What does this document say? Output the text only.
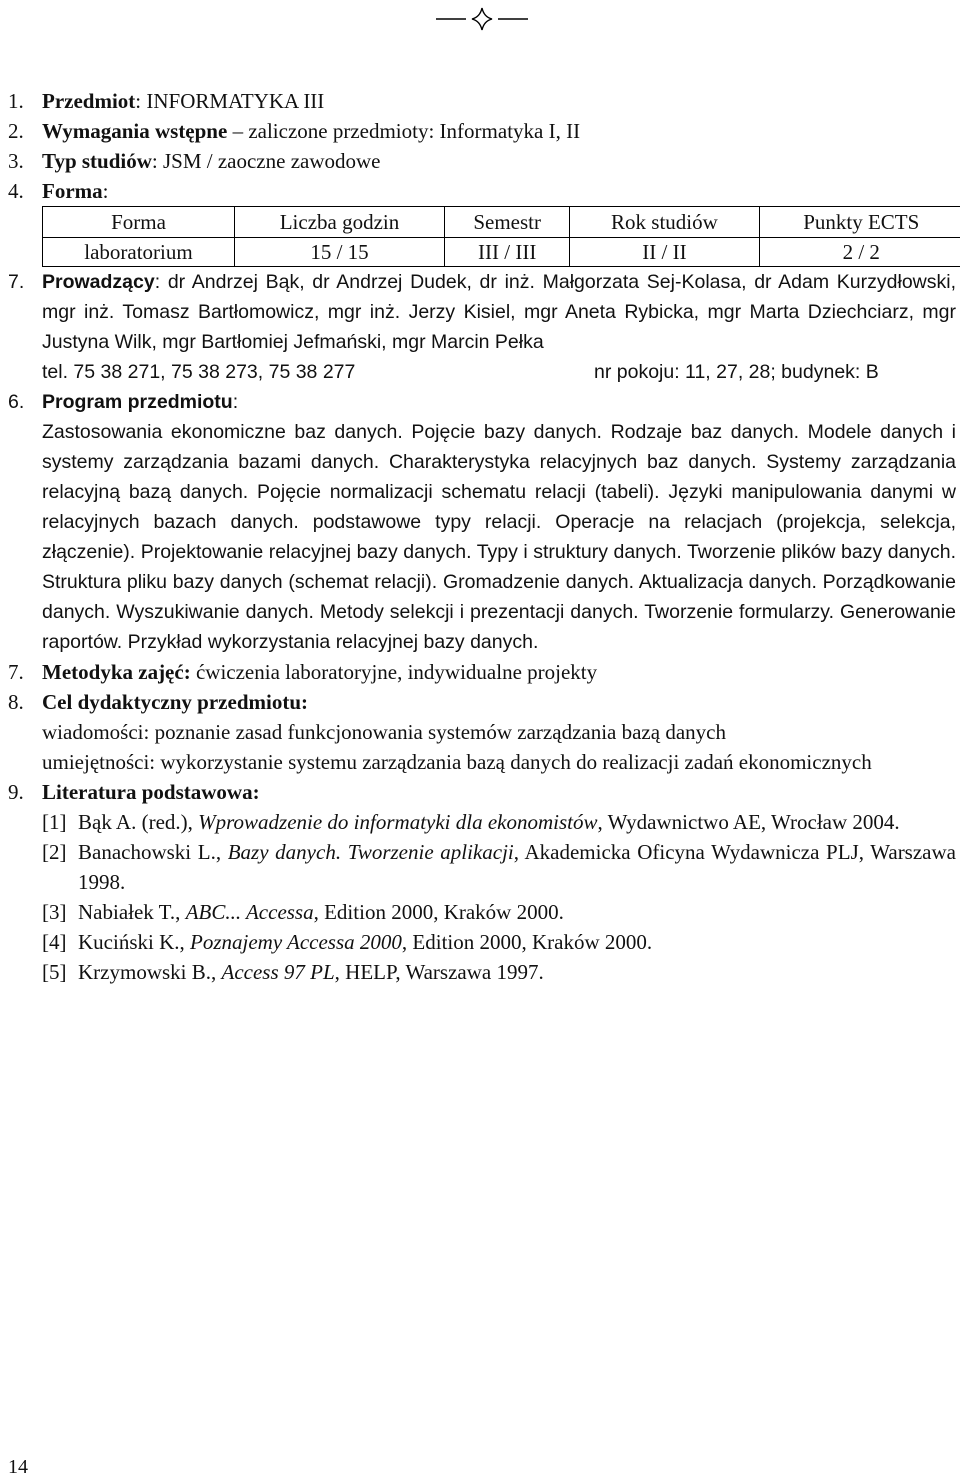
1. Przedmiot: INFORMATYKA III
2. Wymagania wstępne – zaliczone przedmioty: Informatyka I, II
3. Typ studiów: JSM / zaoczne zawodowe
4. Forma:
Forma	Liczba godzin	Semestr	Rok studiów	Punkty ECTS
laboratorium	15 / 15	III / III	II / II	2 / 2
7. Prowadzący: dr Andrzej Bąk, dr Andrzej Dudek, dr inż. Małgorzata Sej-Kolasa, dr Adam Kurzydłowski, mgr inż. Tomasz Bartłomowicz, mgr inż. Jerzy Kisiel, mgr Aneta Rybicka, mgr Marta Dziechciarz, mgr Justyna Wilk, mgr Bartłomiej Jefmański, mgr Marcin Pełka
tel. 75 38 271, 75 38 273, 75 38 277	nr pokoju: 11, 27, 28; budynek: B
6. Program przedmiotu:

Zastosowania ekonomiczne baz danych. Pojęcie bazy danych. Rodzaje baz danych. Modele danych i systemy zarządzania bazami danych. Charakterystyka relacyjnych baz danych. Systemy zarządzania relacyjną bazą danych. Pojęcie normalizacji schematu relacji (tabeli). Języki manipulowania danymi w relacyjnych bazach danych. podstawowe typy relacji. Operacje na relacjach (projekcja, selekcja, złączenie). Projektowanie relacyjnej bazy danych. Typy i struktury danych. Tworzenie plików bazy danych. Struktura pliku bazy danych (schemat relacji). Gromadzenie danych. Aktualizacja danych. Porządkowanie danych. Wyszukiwanie danych. Metody selekcji i prezentacji danych. Tworzenie formularzy. Generowanie raportów. Przykład wykorzystania relacyjnej bazy danych.

7. Metodyka zajęć: ćwiczenia laboratoryjne, indywidualne projekty
8. Cel dydaktyczny przedmiotu:

wiadomości: poznanie zasad funkcjonowania systemów zarządzania bazą danych

umiejętności: wykorzystanie systemu zarządzania bazą danych do realizacji zadań ekonomicznych

9. Literatura podstawowa:
[1] Bąk A. (red.), Wprowadzenie do informatyki dla ekonomistów, Wydawnictwo AE, Wrocław 2004.
[2] Banachowski L., Bazy danych. Tworzenie aplikacji, Akademicka Oficyna Wydawnicza PLJ, Warszawa 1998.
[3] Nabiałek T., ABC... Accessa, Edition 2000, Kraków 2000.
[4] Kuciński K., Poznajemy Accessa 2000, Edition 2000, Kraków 2000.
[5] Krzymowski B., Access 97 PL, HELP, Warszawa 1997.
14
